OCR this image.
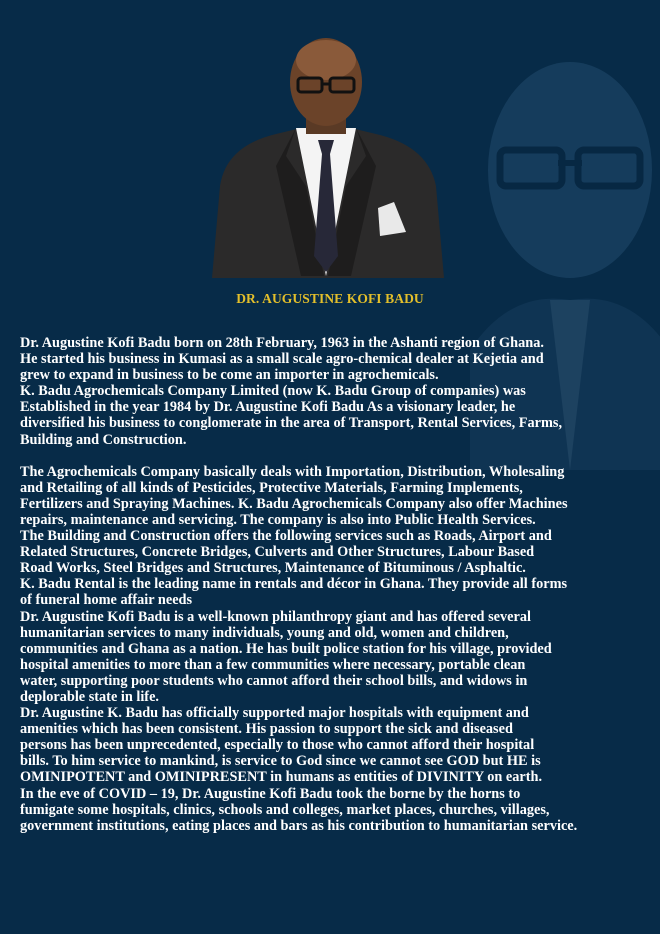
DR. AUGUSTINE KOFI BADU

Dr. Augustine Kofi Badu born on 28th February, 1963 in the Ashanti region of Ghana.

He started his business in Kumasi as a small scale agro-chemical dealer at Kejetia and

grew to expand in business to be come an importer in agrochemicals.

K. Badu Agrochemicals Company Limited (now K. Badu Group of companies) was

Established in the year 1984 by Dr. Augustine Kofi Badu As a visionary leader, he

diversified his business to conglomerate in the area of Transport, Rental Services, Farms,

Building and Construction.

The Agrochemicals Company basically deals with Importation, Distribution, Wholesaling

and Retailing of all kinds of Pesticides, Protective Materials, Farming Implements,

Fertilizers and Spraying Machines. K. Badu Agrochemicals Company also offer Machines

repairs, maintenance and servicing. The company is also into Public Health Services.

The Building and Construction offers the following services such as Roads, Airport and

Related Structures, Concrete Bridges, Culverts and Other Structures, Labour Based

Road Works, Steel Bridges and Structures, Maintenance of Bituminous / Asphaltic.

K. Badu Rental is the leading name in rentals and décor in Ghana. They provide all forms

of funeral home affair needs

Dr. Augustine Kofi Badu is a well-known philanthropy giant and has offered several

humanitarian services to many individuals, young and old, women and children,

communities and Ghana as a nation. He has built police station for his village, provided

hospital amenities to more than a few communities where necessary, portable clean

water, supporting poor students who cannot afford their school bills, and widows in

deplorable state in life.

Dr. Augustine K. Badu has officially supported major hospitals with equipment and

amenities which has been consistent. His passion to support the sick and diseased

persons has been unprecedented, especially to those who cannot afford their hospital

bills. To him service to mankind, is service to God since we cannot see GOD but HE is

OMINIPOTENT and OMINIPRESENT in humans as entities of DIVINITY on earth.

In the eve of COVID – 19, Dr. Augustine Kofi Badu took the borne by the horns to

fumigate some hospitals, clinics, schools and colleges, market places, churches, villages,

government institutions, eating places and bars as his contribution to humanitarian service.
